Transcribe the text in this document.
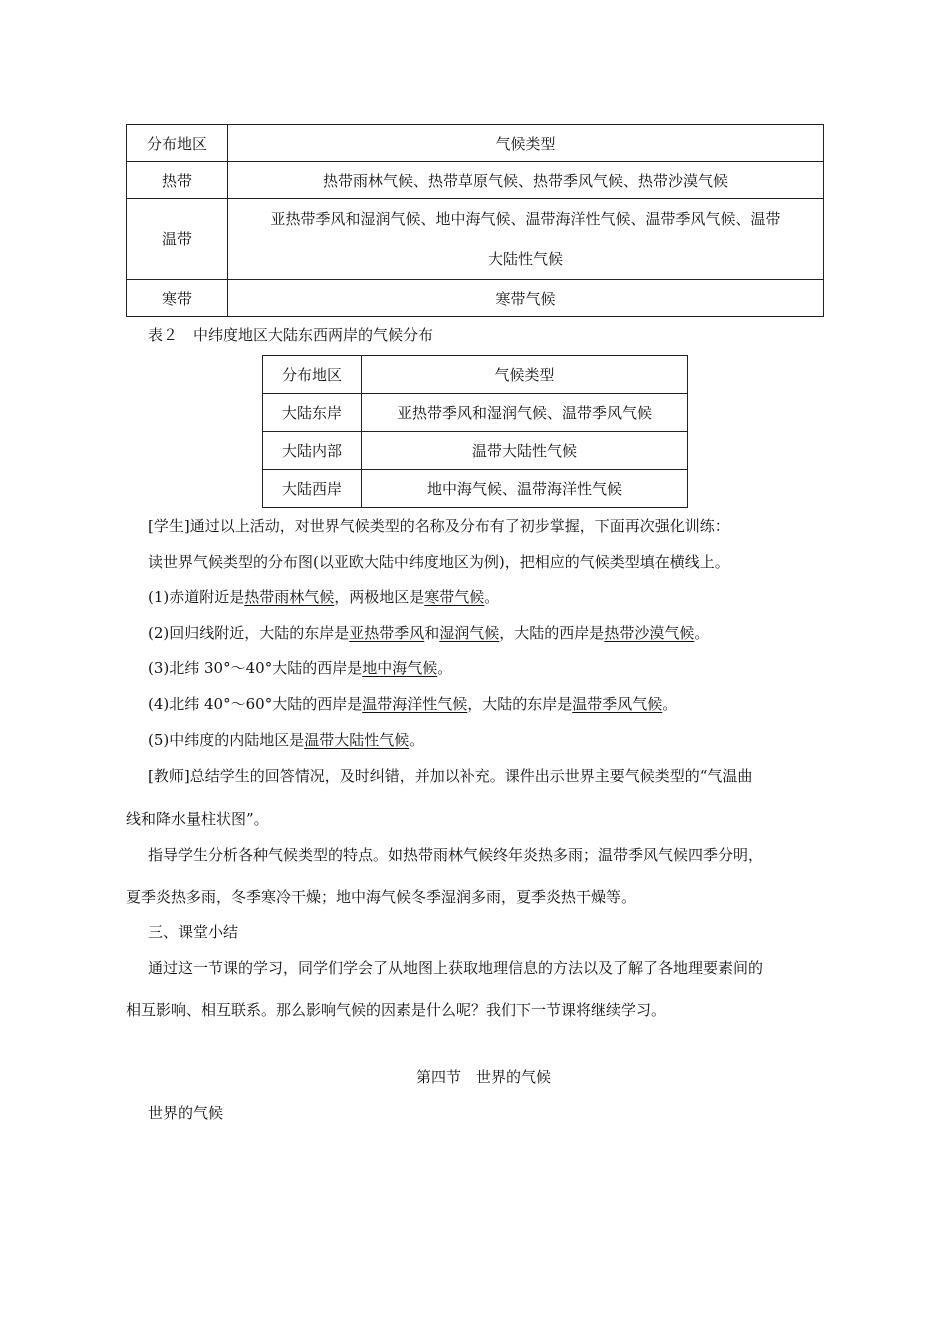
分布地区	气候类型
热带	热带雨林气候、热带草原气候、热带季风气候、热带沙漠气候
温带	亚热带季风和湿润气候、地中海气候、温带海洋性气候、温带季风气候、温带
大陆性气候
寒带	寒带气候
表２　中纬度地区大陆东西两岸的气候分布
分布地区	气候类型
大陆东岸	亚热带季风和湿润气候、温带季风气候
大陆内部	温带大陆性气候
大陆西岸	地中海气候、温带海洋性气候
[学生]通过以上活动，对世界气候类型的名称及分布有了初步掌握，下面再次强化训练：
读世界气候类型的分布图(以亚欧大陆中纬度地区为例)，把相应的气候类型填在横线上。
(1)赤道附近是热带雨林气候，两极地区是寒带气候。
(2)回归线附近，大陆的东岸是亚热带季风和湿润气候，大陆的西岸是热带沙漠气候。
(3)北纬 30°～40°大陆的西岸是地中海气候。
(4)北纬 40°～60°大陆的西岸是温带海洋性气候，大陆的东岸是温带季风气候。
(5)中纬度的内陆地区是温带大陆性气候。
[教师]总结学生的回答情况，及时纠错，并加以补充。课件出示世界主要气候类型的“气温曲
线和降水量柱状图”。
指导学生分析各种气候类型的特点。如热带雨林气候终年炎热多雨；温带季风气候四季分明，
夏季炎热多雨，冬季寒冷干燥；地中海气候冬季湿润多雨，夏季炎热干燥等。
三、课堂小结
通过这一节课的学习，同学们学会了从地图上获取地理信息的方法以及了解了各地理要素间的
相互影响、相互联系。那么影响气候的因素是什么呢？我们下一节课将继续学习。
第四节　世界的气候
世界的气候
